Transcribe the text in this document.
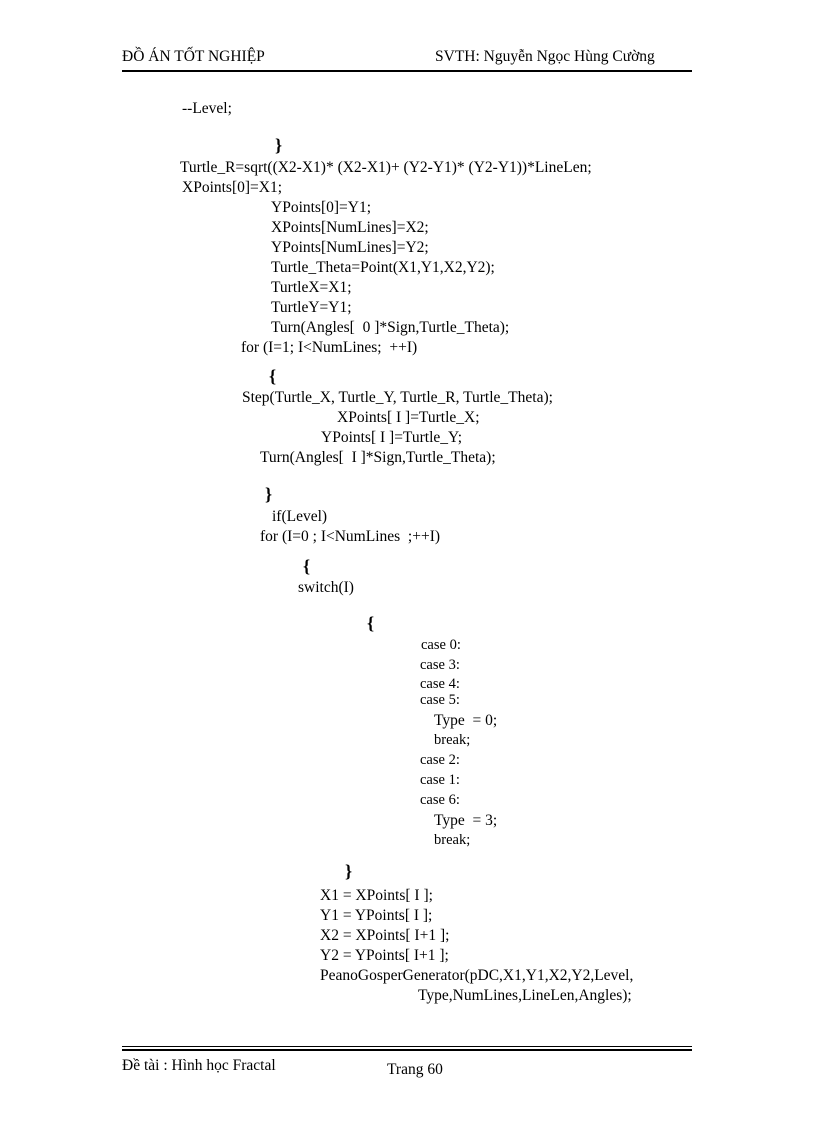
ĐỒ ÁN TỐT NGHIỆP	SVTH: Nguyễn Ngọc Hùng Cường
--Level;
}
Turtle_R=sqrt((X2-X1)* (X2-X1)+ (Y2-Y1)* (Y2-Y1))*LineLen;
XPoints[0]=X1;
YPoints[0]=Y1;
XPoints[NumLines]=X2;
YPoints[NumLines]=Y2;
Turtle_Theta=Point(X1,Y1,X2,Y2);
TurtleX=X1;
TurtleY=Y1;
Turn(Angles[  0 ]*Sign,Turtle_Theta);
for (I=1; I<NumLines;  ++I)
{
Step(Turtle_X, Turtle_Y, Turtle_R, Turtle_Theta);
XPoints[ I ]=Turtle_X;
YPoints[ I ]=Turtle_Y;
Turn(Angles[  I ]*Sign,Turtle_Theta);
}
if(Level)
for (I=0 ; I<NumLines  ;++I)
{
switch(I)
{
case 0:
case 3:
case 4:
case 5:
Type  = 0;
break;
case 2:
case 1:
case 6:
Type  = 3;
break;
}
X1 = XPoints[ I ];
Y1 = YPoints[ I ];
X2 = XPoints[ I+1 ];
Y2 = YPoints[ I+1 ];
PeanoGosperGenerator(pDC,X1,Y1,X2,Y2,Level,
Type,NumLines,LineLen,Angles);
Đề tài : Hình học Fractal	Trang 60
